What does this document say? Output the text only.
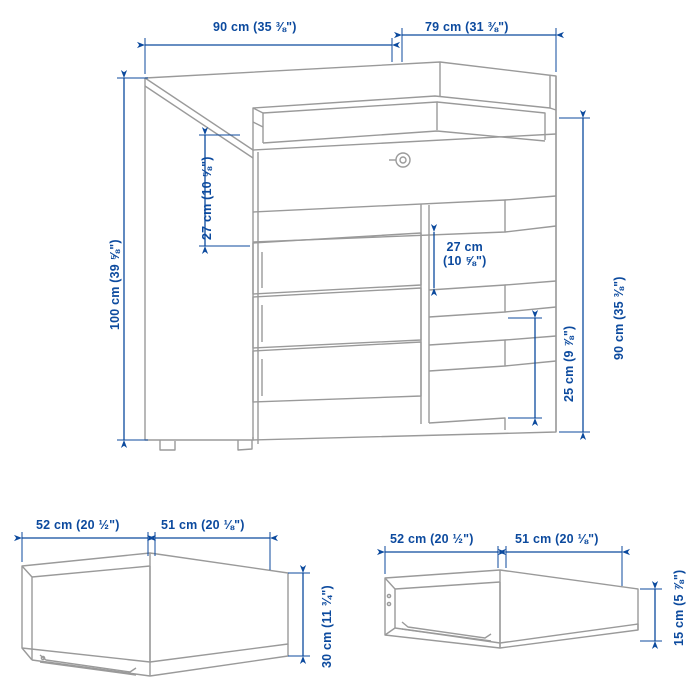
90 cm (35 ⅜")	79 cm (31 ⅜")
100 cm (39 ⅝")	90 cm (35 ⅜")
27 cm (10 ⅝")
27 cm
(10 ⅝")
25 cm (9 ⅞")
52 cm (20 ½")	51 cm (20 ⅛")
30 cm (11 ¾")
52 cm (20 ½")	51 cm (20 ⅛")
15 cm (5 ⅞")
